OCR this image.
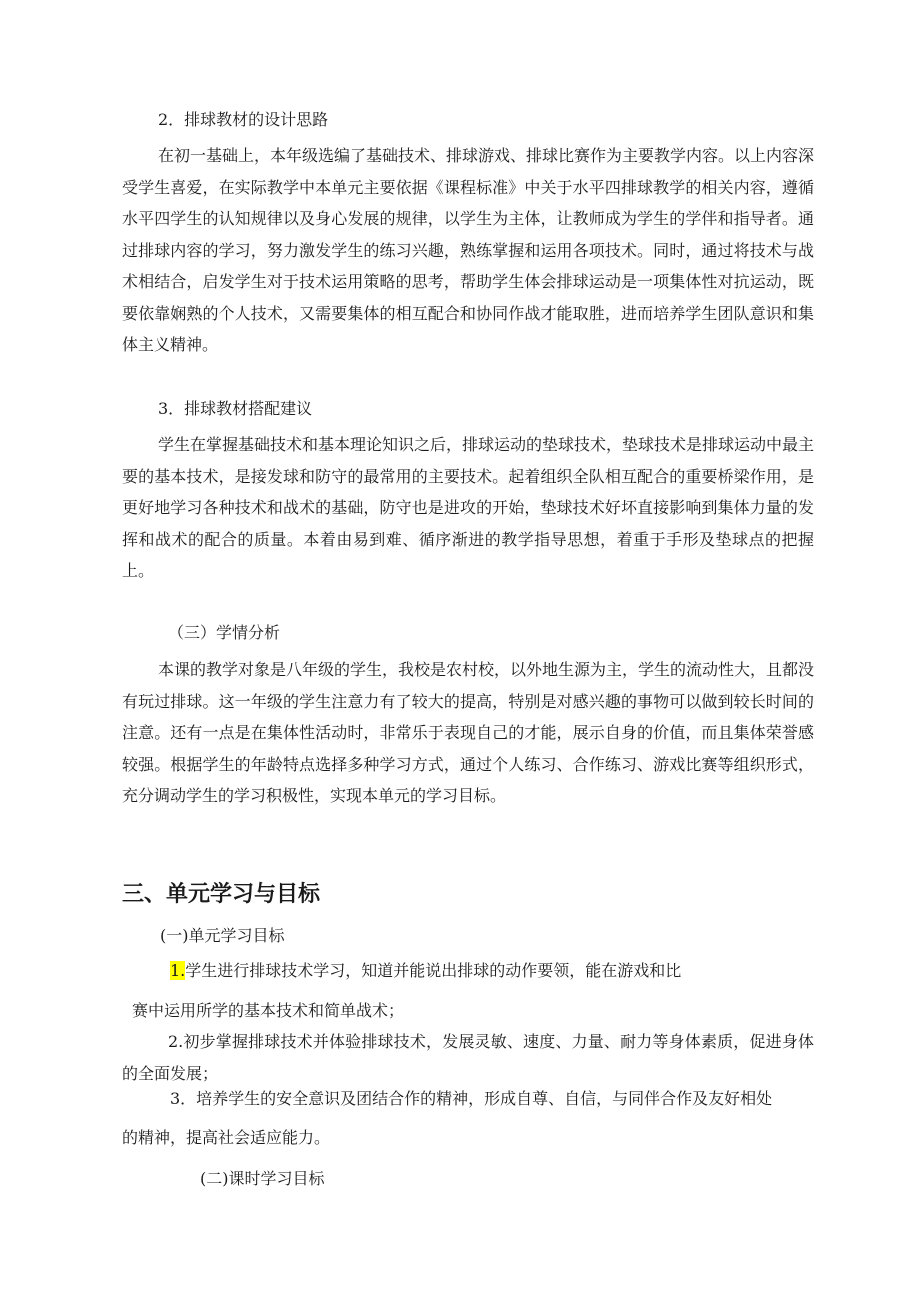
2．排球教材的设计思路

在初一基础上，本年级选编了基础技术、排球游戏、排球比赛作为主要教学内容。以上内容深受学生喜爱，在实际教学中本单元主要依据《课程标准》中关于水平四排球教学的相关内容，遵循水平四学生的认知规律以及身心发展的规律，以学生为主体，让教师成为学生的学伴和指导者。通过排球内容的学习，努力激发学生的练习兴趣，熟练掌握和运用各项技术。同时，通过将技术与战术相结合，启发学生对于技术运用策略的思考，帮助学生体会排球运动是一项集体性对抗运动，既要依靠娴熟的个人技术，又需要集体的相互配合和协同作战才能取胜，进而培养学生团队意识和集体主义精神。

3．排球教材搭配建议

学生在掌握基础技术和基本理论知识之后，排球运动的垫球技术，垫球技术是排球运动中最主要的基本技术，是接发球和防守的最常用的主要技术。起着组织全队相互配合的重要桥梁作用，是更好地学习各种技术和战术的基础，防守也是进攻的开始，垫球技术好坏直接影响到集体力量的发挥和战术的配合的质量。本着由易到难、循序渐进的教学指导思想，着重于手形及垫球点的把握上。

（三）学情分析

本课的教学对象是八年级的学生，我校是农村校，以外地生源为主，学生的流动性大，且都没有玩过排球。这一年级的学生注意力有了较大的提高，特别是对感兴趣的事物可以做到较长时间的注意。还有一点是在集体性活动时，非常乐于表现自己的才能，展示自身的价值，而且集体荣誉感较强。根据学生的年龄特点选择多种学习方式，通过个人练习、合作练习、游戏比赛等组织形式，充分调动学生的学习积极性，实现本单元的学习目标。

三、单元学习与目标

(一)单元学习目标

1.学生进行排球技术学习，知道并能说出排球的动作要领，能在游戏和比

赛中运用所学的基本技术和简单战术；

2.初步掌握排球技术并体验排球技术，发展灵敏、速度、力量、耐力等身体素质，促进身体的全面发展；

3．培养学生的安全意识及团结合作的精神，形成自尊、自信，与同伴合作及友好相处

的精神，提高社会适应能力。

(二)课时学习目标
